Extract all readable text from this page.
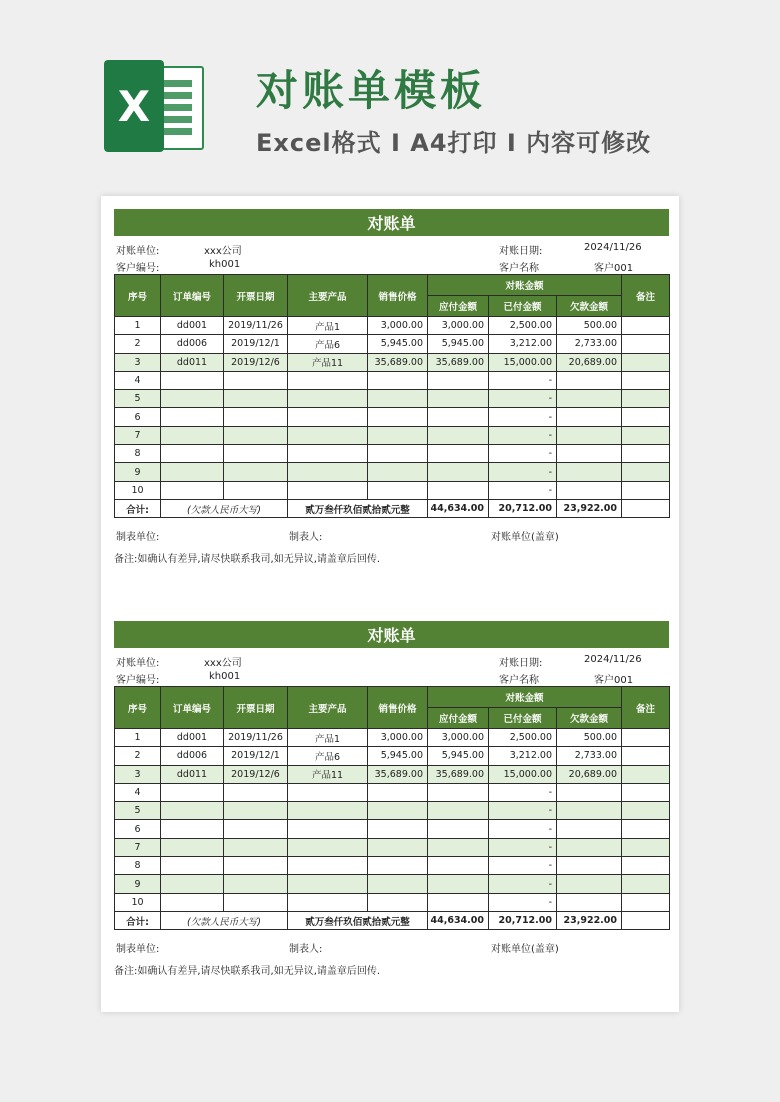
X	对账单模板
Excel格式 I A4打印 I 内容可修改
对账单
对账单位:	xxx公司	对账日期:	2024/11/26
客户编号:	kh001	客户名称	客户001
序号	订单编号	开票日期	主要产品	销售价格	对账金额			备注
					应付金额	已付金额	欠款金额	
1	dd001	2019/11/26	产品1	3,000.00	3,000.00	2,500.00	500.00	
2	dd006	2019/12/1	产品6	5,945.00	5,945.00	3,212.00	2,733.00	
3	dd011	2019/12/6	产品11	35,689.00	35,689.00	15,000.00	20,689.00	
4						-		
5						-		
6						-		
7						-		
8						-		
9						-		
10						-		
合计:	(欠款人民币大写)		贰万叁仟玖佰贰拾贰元整		44,634.00	20,712.00	23,922.00	
制表单位:	制表人:	对账单位(盖章)
备注:如确认有差异,请尽快联系我司,如无异议,请盖章后回传.
对账单
对账单位:	xxx公司	对账日期:	2024/11/26
客户编号:	kh001	客户名称	客户001
序号	订单编号	开票日期	主要产品	销售价格	对账金额			备注
					应付金额	已付金额	欠款金额	
1	dd001	2019/11/26	产品1	3,000.00	3,000.00	2,500.00	500.00	
2	dd006	2019/12/1	产品6	5,945.00	5,945.00	3,212.00	2,733.00	
3	dd011	2019/12/6	产品11	35,689.00	35,689.00	15,000.00	20,689.00	
4						-		
5						-		
6						-		
7						-		
8						-		
9						-		
10						-		
合计:	(欠款人民币大写)		贰万叁仟玖佰贰拾贰元整		44,634.00	20,712.00	23,922.00	
制表单位:	制表人:	对账单位(盖章)
备注:如确认有差异,请尽快联系我司,如无异议,请盖章后回传.
